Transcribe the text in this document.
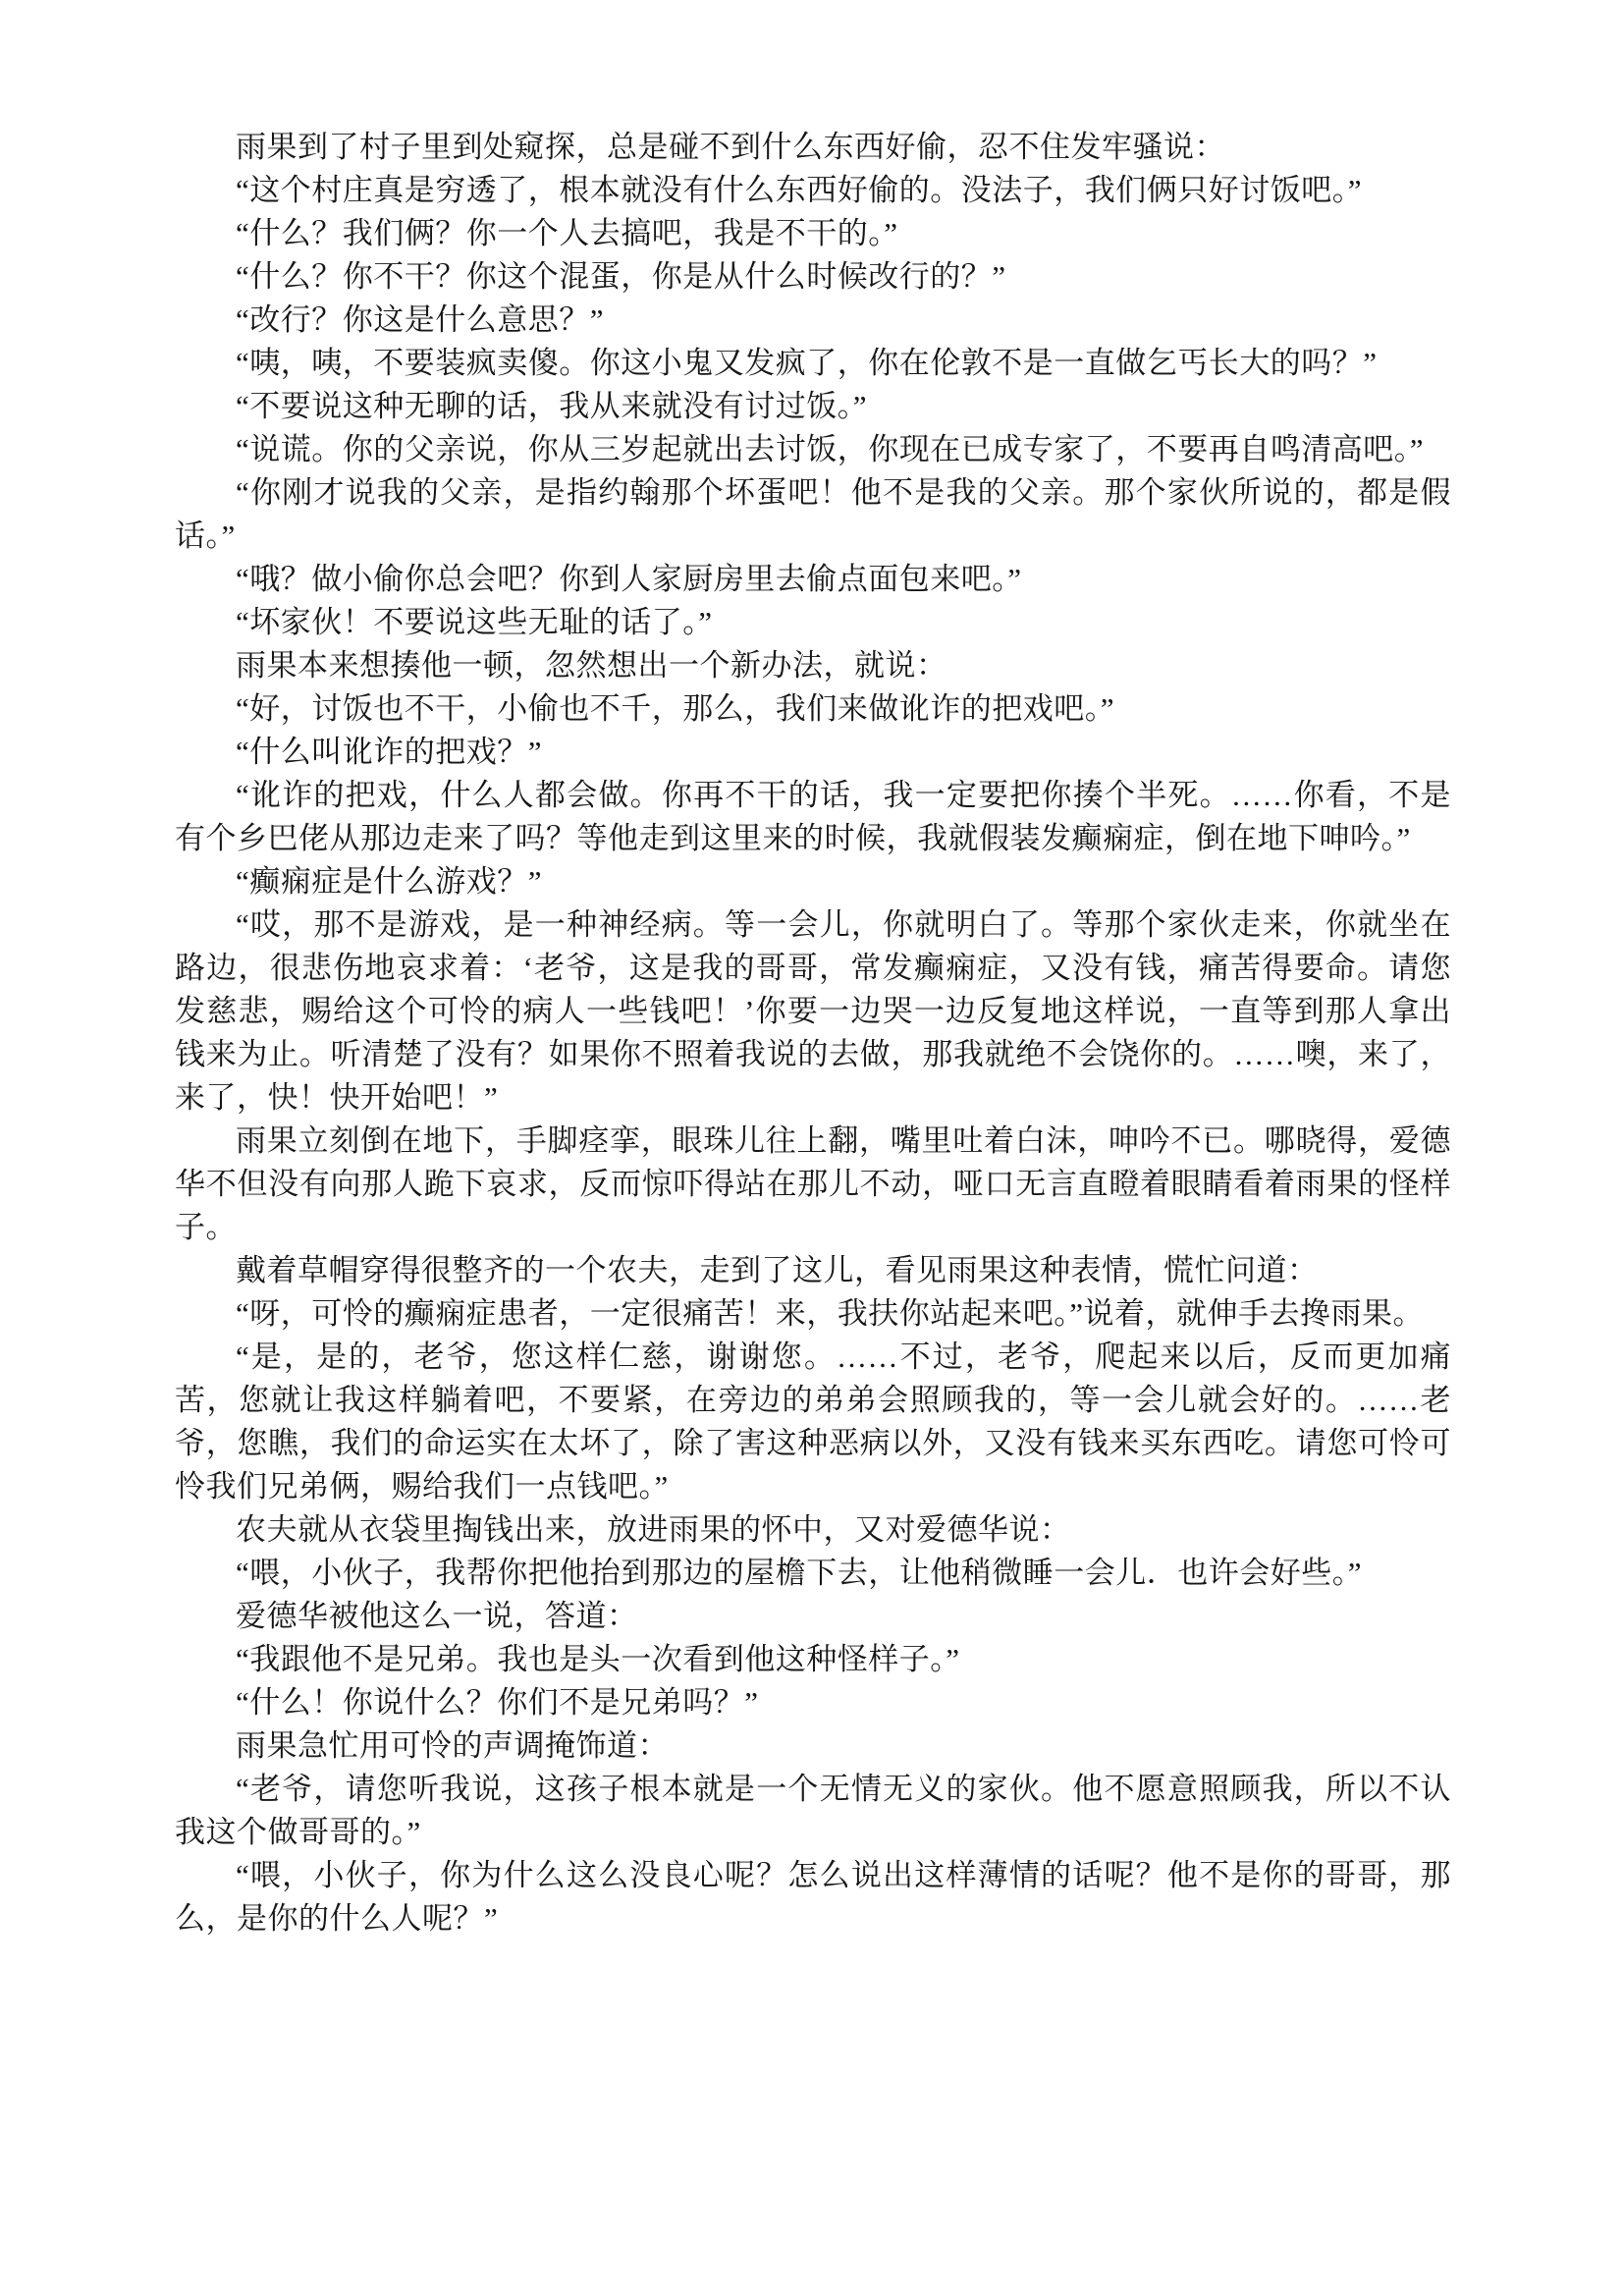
雨果到了村子里到处窥探，总是碰不到什么东西好偷，忍不住发牢骚说：

“这个村庄真是穷透了，根本就没有什么东西好偷的。没法子，我们俩只好讨饭吧。”

“什么？我们俩？你一个人去搞吧，我是不干的。”

“什么？你不干？你这个混蛋，你是从什么时候改行的？”

“改行？你这是什么意思？”

“咦，咦，不要装疯卖傻。你这小鬼又发疯了，你在伦敦不是一直做乞丐长大的吗？”

“不要说这种无聊的话，我从来就没有讨过饭。”

“说谎。你的父亲说，你从三岁起就出去讨饭，你现在已成专家了，不要再自鸣清高吧。”

“你刚才说我的父亲，是指约翰那个坏蛋吧！他不是我的父亲。那个家伙所说的，都是假话。”

“哦？做小偷你总会吧？你到人家厨房里去偷点面包来吧。”

“坏家伙！不要说这些无耻的话了。”

雨果本来想揍他一顿，忽然想出一个新办法，就说：

“好，讨饭也不干，小偷也不千，那么，我们来做讹诈的把戏吧。”

“什么叫讹诈的把戏？”

“讹诈的把戏，什么人都会做。你再不干的话，我一定要把你揍个半死。……你看，不是有个乡巴佬从那边走来了吗？等他走到这里来的时候，我就假装发癫痫症，倒在地下呻吟。”

“癫痫症是什么游戏？”

“哎，那不是游戏，是一种神经病。等一会儿，你就明白了。等那个家伙走来，你就坐在路边，很悲伤地哀求着：‘老爷，这是我的哥哥，常发癫痫症，又没有钱，痛苦得要命。请您发慈悲，赐给这个可怜的病人一些钱吧！’你要一边哭一边反复地这样说，一直等到那人拿出钱来为止。听清楚了没有？如果你不照着我说的去做，那我就绝不会饶你的。……噢，来了，来了，快！快开始吧！”

雨果立刻倒在地下，手脚痉挛，眼珠儿往上翻，嘴里吐着白沫，呻吟不已。哪晓得，爱德华不但没有向那人跪下哀求，反而惊吓得站在那儿不动，哑口无言直瞪着眼睛看着雨果的怪样子。

戴着草帽穿得很整齐的一个农夫，走到了这儿，看见雨果这种表情，慌忙问道：

“呀，可怜的癫痫症患者，一定很痛苦！来，我扶你站起来吧。”说着，就伸手去搀雨果。

“是，是的，老爷，您这样仁慈，谢谢您。……不过，老爷，爬起来以后，反而更加痛苦，您就让我这样躺着吧，不要紧，在旁边的弟弟会照顾我的，等一会儿就会好的。……老爷，您瞧，我们的命运实在太坏了，除了害这种恶病以外，又没有钱来买东西吃。请您可怜可怜我们兄弟俩，赐给我们一点钱吧。”

农夫就从衣袋里掏钱出来，放进雨果的怀中，又对爱德华说：

“喂，小伙子，我帮你把他抬到那边的屋檐下去，让他稍微睡一会儿．也许会好些。”

爱德华被他这么一说，答道：

“我跟他不是兄弟。我也是头一次看到他这种怪样子。”

“什么！你说什么？你们不是兄弟吗？”

雨果急忙用可怜的声调掩饰道：

“老爷，请您听我说，这孩子根本就是一个无情无义的家伙。他不愿意照顾我，所以不认我这个做哥哥的。”

“喂，小伙子，你为什么这么没良心呢？怎么说出这样薄情的话呢？他不是你的哥哥，那么，是你的什么人呢？”
